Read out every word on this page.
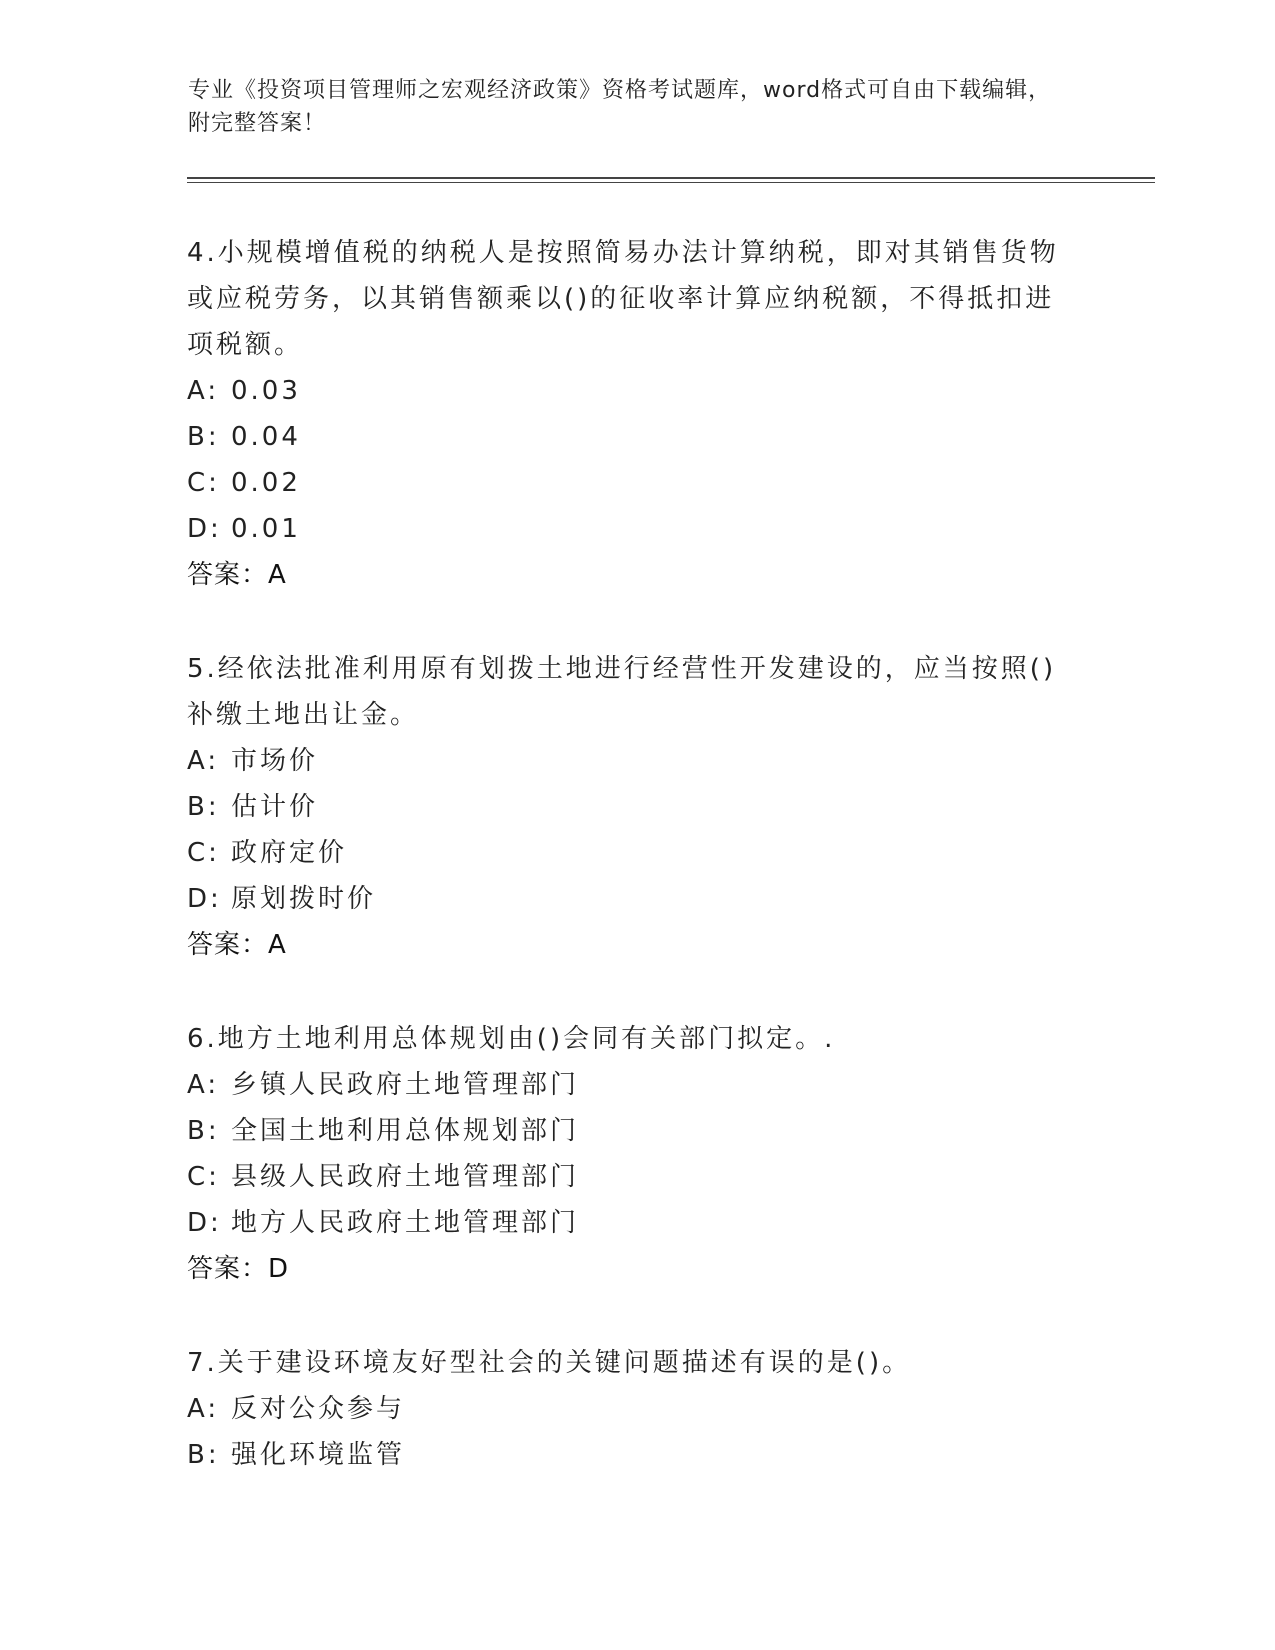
专业《投资项目管理师之宏观经济政策》资格考试题库，word格式可自由下载编辑，附完整答案！

4.小规模增值税的纳税人是按照简易办法计算纳税，即对其销售货物或应税劳务，以其销售额乘以()的征收率计算应纳税额，不得抵扣进项税额。

A: 0.03
B: 0.04
C: 0.02
D: 0.01

答案：A

5.经依法批准利用原有划拨土地进行经营性开发建设的，应当按照()补缴土地出让金。

A: 市场价
B: 估计价
C: 政府定价
D: 原划拨时价

答案：A

6.地方土地利用总体规划由()会同有关部门拟定。.

A: 乡镇人民政府土地管理部门
B: 全国土地利用总体规划部门
C: 县级人民政府土地管理部门
D: 地方人民政府土地管理部门

答案：D

7.关于建设环境友好型社会的关键问题描述有误的是()。

A: 反对公众参与
B: 强化环境监管
